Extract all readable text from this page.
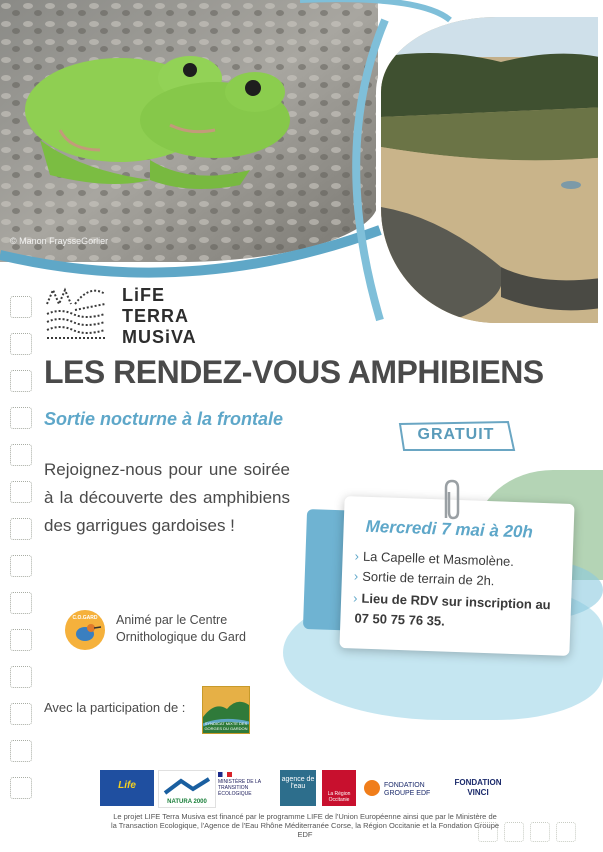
© Manon FraysseGorlier
©SMGG
LiFE
TERRA
MUSiVA
LES RENDEZ-VOUS AMPHIBIENS
Sortie nocturne à la frontale
GRATUIT
Rejoignez-nous pour une soirée à la découverte des amphibiens des garrigues gardoises !	Mercredi 7 mai à 20h
› La Capelle et Masmolène.
› Sortie de terrain de 2h.
› Lieu de RDV sur inscription au
07 50 75 76 35.
C.O.GARD	Animé par le Centre
Ornithologique du Gard
Avec la participation de :
SYNDICAT MIXTE DES GORGES DU GARDON
Life
NATURA 2000
MINISTÈRE DE LA TRANSITION ÉCOLOGIQUE
agence de l'eau
La Région Occitanie
FONDATION GROUPE EDF
FONDATION VINCI
Le projet LIFE Terra Musiva est financé par le programme LIFE de l'Union Européenne ainsi que par le Ministère de la Transaction Ecologique, l'Agence de l'Eau Rhône Méditerranée Corse, la Région Occitanie et la Fondation Groupe EDF
